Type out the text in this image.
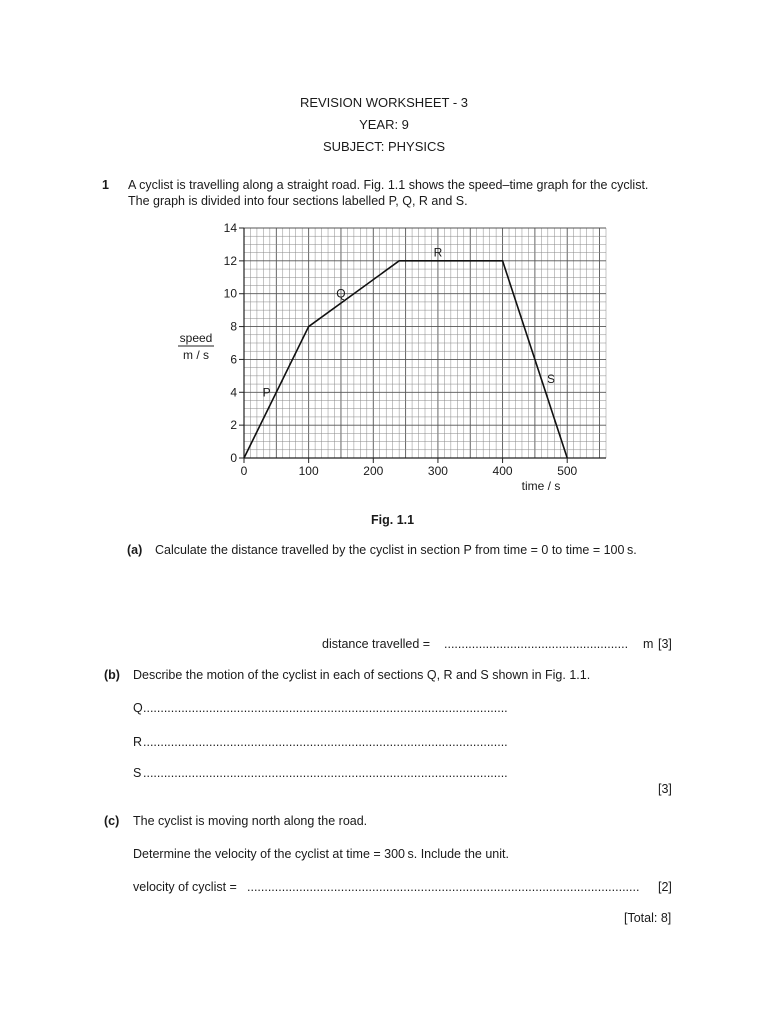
REVISION WORKSHEET - 3
YEAR: 9
SUBJECT: PHYSICS
1 A cyclist is travelling along a straight road. Fig. 1.1 shows the speed–time graph for the cyclist.
The graph is divided into four sections labelled P, Q, R and S.
0
2
4
6
8
10
12
14
0	100	200	300	400	500
speed
m / s
time / s
P
Q
R
S
Fig. 1.1
(a) Calculate the distance travelled by the cyclist in section P from time = 0 to time = 100 s.
distance travelled = ..................................................... m [3]
(b) Describe the motion of the cyclist in each of sections Q, R and S shown in Fig. 1.1.
Q .........................................................................................................
R .........................................................................................................
S .........................................................................................................
[3]
(c) The cyclist is moving north along the road.
Determine the velocity of the cyclist at time = 300 s. Include the unit.
velocity of cyclist = ................................................................................................................. [2]
[Total: 8]
